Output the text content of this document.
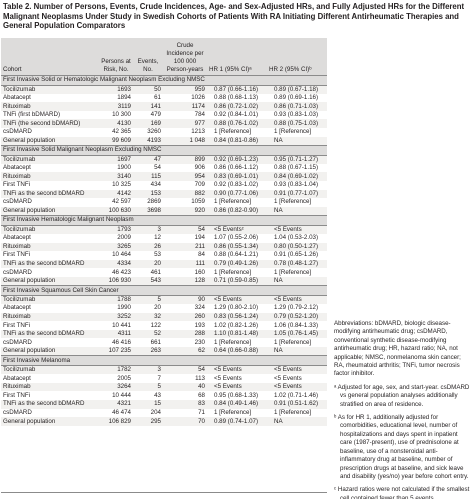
Table 2. Number of Persons, Events, Crude Incidences, Age- and Sex-Adjusted HRs, and Fully Adjusted HRs for the Different Malignant Neoplasms Under Study in Swedish Cohorts of Patients With RA Initiating Different Antirheumatic Therapies and General Population Comparators
Cohort	Persons at Risk, No.	Events, No.	Crude Incidence per 100 000 Person-years	HR 1 (95% CI)ᵃ	HR 2 (95% CI)ᵇ
First Invasive Solid or Hematologic Malignant Neoplasm Excluding NMSC					
Tocilizumab	1693	50	959	0.87 (0.66-1.16)	0.89 (0.67-1.18)
Abatacept	1894	61	1026	0.88 (0.68-1.13)	0.89 (0.69-1.16)
Rituximab	3119	141	1174	0.86 (0.72-1.02)	0.86 (0.71-1.03)
TNFi (first bDMARD)	10 300	479	784	0.92 (0.84-1.01)	0.93 (0.83-1.03)
TNFi (the second bDMARD)	4130	169	977	0.88 (0.76-1.02)	0.88 (0.75-1.03)
csDMARD	42 365	3260	1213	1 [Reference]	1 [Reference]
General population	99 609	4193	1 048	0.84 (0.81-0.86)	NA
First Invasive Solid Malignant Neoplasm Excluding NMSC					
Tocilizumab	1697	47	899	0.92 (0.69-1.23)	0.95 (0.71-1.27)
Abatacept	1900	54	906	0.86 (0.66-1.12)	0.88 (0.67-1.15)
Rituximab	3140	115	954	0.83 (0.69-1.01)	0.84 (0.69-1.02)
First TNFi	10 325	434	709	0.92 (0.83-1.02)	0.93 (0.83-1.04)
TNFi as the second bDMARD	4142	153	882	0.90 (0.77-1.06)	0.91 (0.77-1.07)
csDMARD	42 597	2869	1059	1 [Reference]	1 [Reference]
General population	100 630	3698	920	0.86 (0.82-0.90)	NA
First Invasive Hematologic Malignant Neoplasm					
Tocilizumab	1793	3	54	<5 Eventsᶜ	<5 Events
Abatacept	2009	12	194	1.07 (0.55-2.06)	1.04 (0.53-2.03)
Rituximab	3265	26	211	0.86 (0.55-1.34)	0.80 (0.50-1.27)
First TNFi	10 464	53	84	0.88 (0.64-1.21)	0.91 (0.65-1.26)
TNFi as the second bDMARD	4334	20	111	0.79 (0.49-1.26)	0.78 (0.48-1.27)
csDMARD	46 423	461	160	1 [Reference]	1 [Reference]
General population	106 930	543	128	0.71 (0.59-0.85)	NA
First Invasive Squamous Cell Skin Cancer					
Tocilizumab	1788	5	90	<5 Events	<5 Events
Abatacept	1990	20	324	1.29 (0.80-2.10)	1.29 (0.79-2.12)
Rituximab	3252	32	260	0.83 (0.56-1.24)	0.79 (0.52-1.20)
First TNFi	10 441	122	193	1.02 (0.82-1.26)	1.06 (0.84-1.33)
TNFi as the second bDMARD	4311	52	288	1.10 (0.81-1.48)	1.05 (0.76-1.45)
csDMARD	46 416	661	230	1 [Reference]	1 [Reference]
General population	107 235	263	62	0.64 (0.66-0.88)	NA
First Invasive Melanoma					
Tocilizumab	1782	3	54	<5 Events	<5 Events
Abatacept	2005	7	113	<5 Events	<5 Events
Rituximab	3264	5	40	<5 Events	<5 Events
First TNFi	10 444	43	68	0.95 (0.68-1.33)	1.02 (0.71-1.46)
TNFi as the second bDMARD	4321	15	83	0.84 (0.49-1.46)	0.91 (0.51-1.62)
csDMARD	46 474	204	71	1 [Reference]	1 [Reference]
General population	106 829	295	70	0.89 (0.74-1.07)	NA

Abbreviations: bDMARD, biologic disease-modifying antirheumatic drug; csDMARD, conventional synthetic disease-modifying antirheumatic drug; HR, hazard ratio; NA, not applicable; NMSC, nonmelanoma skin cancer; RA, rheumatoid arthritis; TNFi, tumor necrosis factor inhibitor.

ᵃ Adjusted for age, sex, and start-year. csDMARD vs general population analyses additionally stratified on area of residence.

ᵇ As for HR 1, additionally adjusted for comorbidities, educational level, number of hospitalizations and days spent in inpatient care (1987-present), use of prednisolone at baseline, use of a nonsteroidal anti-inflammatory drug at baseline, number of prescription drugs at baseline, and sick leave and disability (yes/no) year before cohort entry.

ᶜ Hazard ratios were not calculated if the smallest cell contained fewer than 5 events.
